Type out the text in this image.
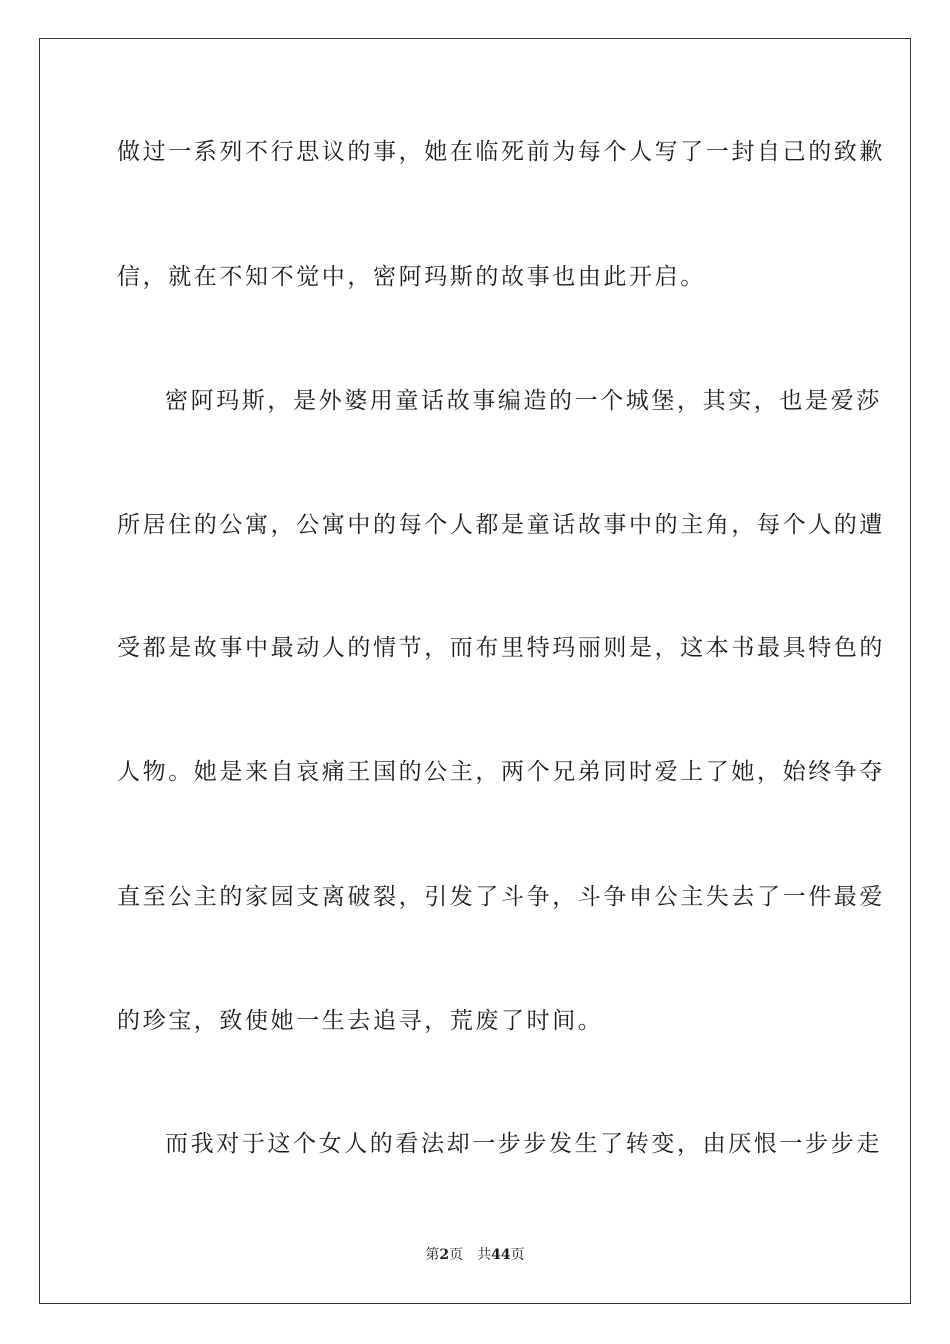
做过一系列不行思议的事，她在临死前为每个人写了一封自己的致歉
信，就在不知不觉中，密阿玛斯的故事也由此开启。
密阿玛斯，是外婆用童话故事编造的一个城堡，其实，也是爱莎
所居住的公寓，公寓中的每个人都是童话故事中的主角，每个人的遭
受都是故事中最动人的情节，而布里特玛丽则是，这本书最具特色的
人物。她是来自哀痛王国的公主，两个兄弟同时爱上了她，始终争夺
直至公主的家园支离破裂，引发了斗争，斗争申公主失去了一件最爱
的珍宝，致使她一生去追寻，荒废了时间。
而我对于这个女人的看法却一步步发生了转变，由厌恨一步步走
第2页 共44页
